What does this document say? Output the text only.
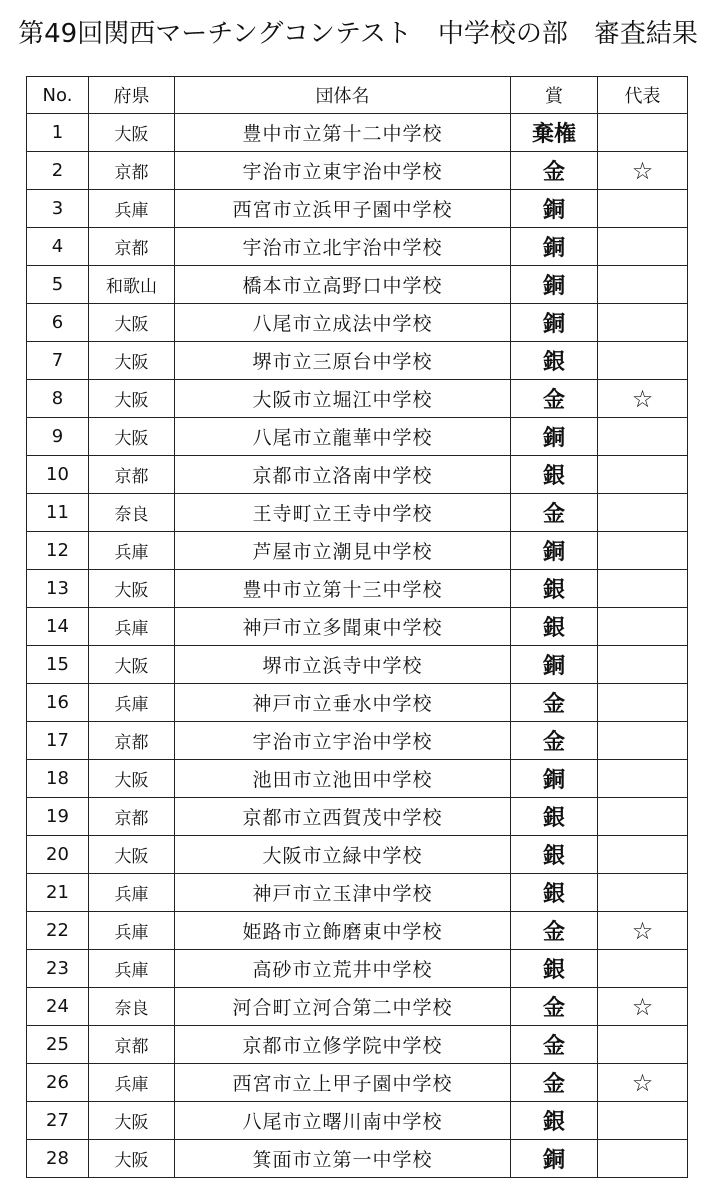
第49回関西マーチングコンテスト　中学校の部　審査結果
No.	府県	団体名	賞	代表
1	大阪	豊中市立第十二中学校	棄権	
2	京都	宇治市立東宇治中学校	金	☆
3	兵庫	西宮市立浜甲子園中学校	銅	
4	京都	宇治市立北宇治中学校	銅	
5	和歌山	橋本市立高野口中学校	銅	
6	大阪	八尾市立成法中学校	銅	
7	大阪	堺市立三原台中学校	銀	
8	大阪	大阪市立堀江中学校	金	☆
9	大阪	八尾市立龍華中学校	銅	
10	京都	京都市立洛南中学校	銀	
11	奈良	王寺町立王寺中学校	金	
12	兵庫	芦屋市立潮見中学校	銅	
13	大阪	豊中市立第十三中学校	銀	
14	兵庫	神戸市立多聞東中学校	銀	
15	大阪	堺市立浜寺中学校	銅	
16	兵庫	神戸市立垂水中学校	金	
17	京都	宇治市立宇治中学校	金	
18	大阪	池田市立池田中学校	銅	
19	京都	京都市立西賀茂中学校	銀	
20	大阪	大阪市立緑中学校	銀	
21	兵庫	神戸市立玉津中学校	銀	
22	兵庫	姫路市立飾磨東中学校	金	☆
23	兵庫	高砂市立荒井中学校	銀	
24	奈良	河合町立河合第二中学校	金	☆
25	京都	京都市立修学院中学校	金	
26	兵庫	西宮市立上甲子園中学校	金	☆
27	大阪	八尾市立曙川南中学校	銀	
28	大阪	箕面市立第一中学校	銅	
